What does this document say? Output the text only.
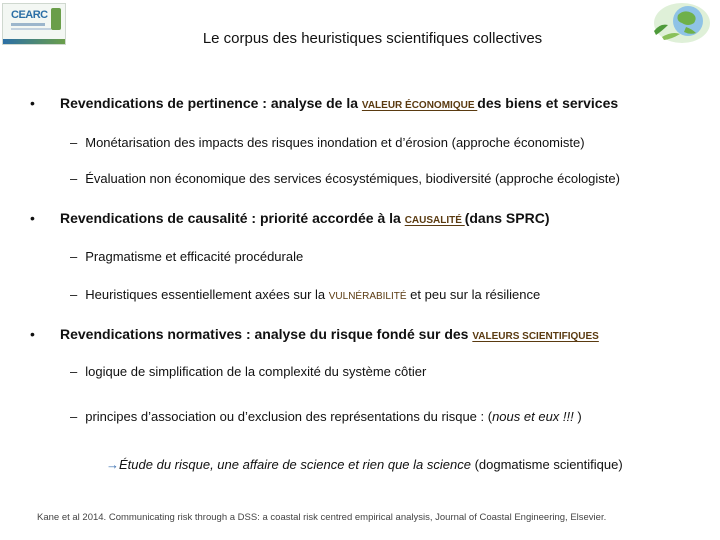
CEARC
Le corpus des heuristiques scientifiques collectives
• Revendications de pertinence : analyse de la VALEUR ÉCONOMIQUE des biens et services
– Monétarisation des impacts des risques inondation et d’érosion (approche économiste)
– Évaluation non économique des services écosystémiques, biodiversité (approche écologiste)
• Revendications de causalité : priorité accordée à la CAUSALITÉ (dans SPRC)
– Pragmatisme et efficacité procédurale
– Heuristiques essentiellement axées sur la VULNÉRABILITÉ et peu sur la résilience
• Revendications normatives : analyse du risque fondé sur des VALEURS SCIENTIFIQUES
– logique de simplification de la complexité du système côtier
– principes d’association ou d’exclusion des représentations du risque : (nous et eux !!! )
→Étude du risque, une affaire de science et rien que la science (dogmatisme scientifique)
Kane et al 2014. Communicating risk through a DSS: a coastal risk centred empirical analysis, Journal of Coastal Engineering, Elsevier.
